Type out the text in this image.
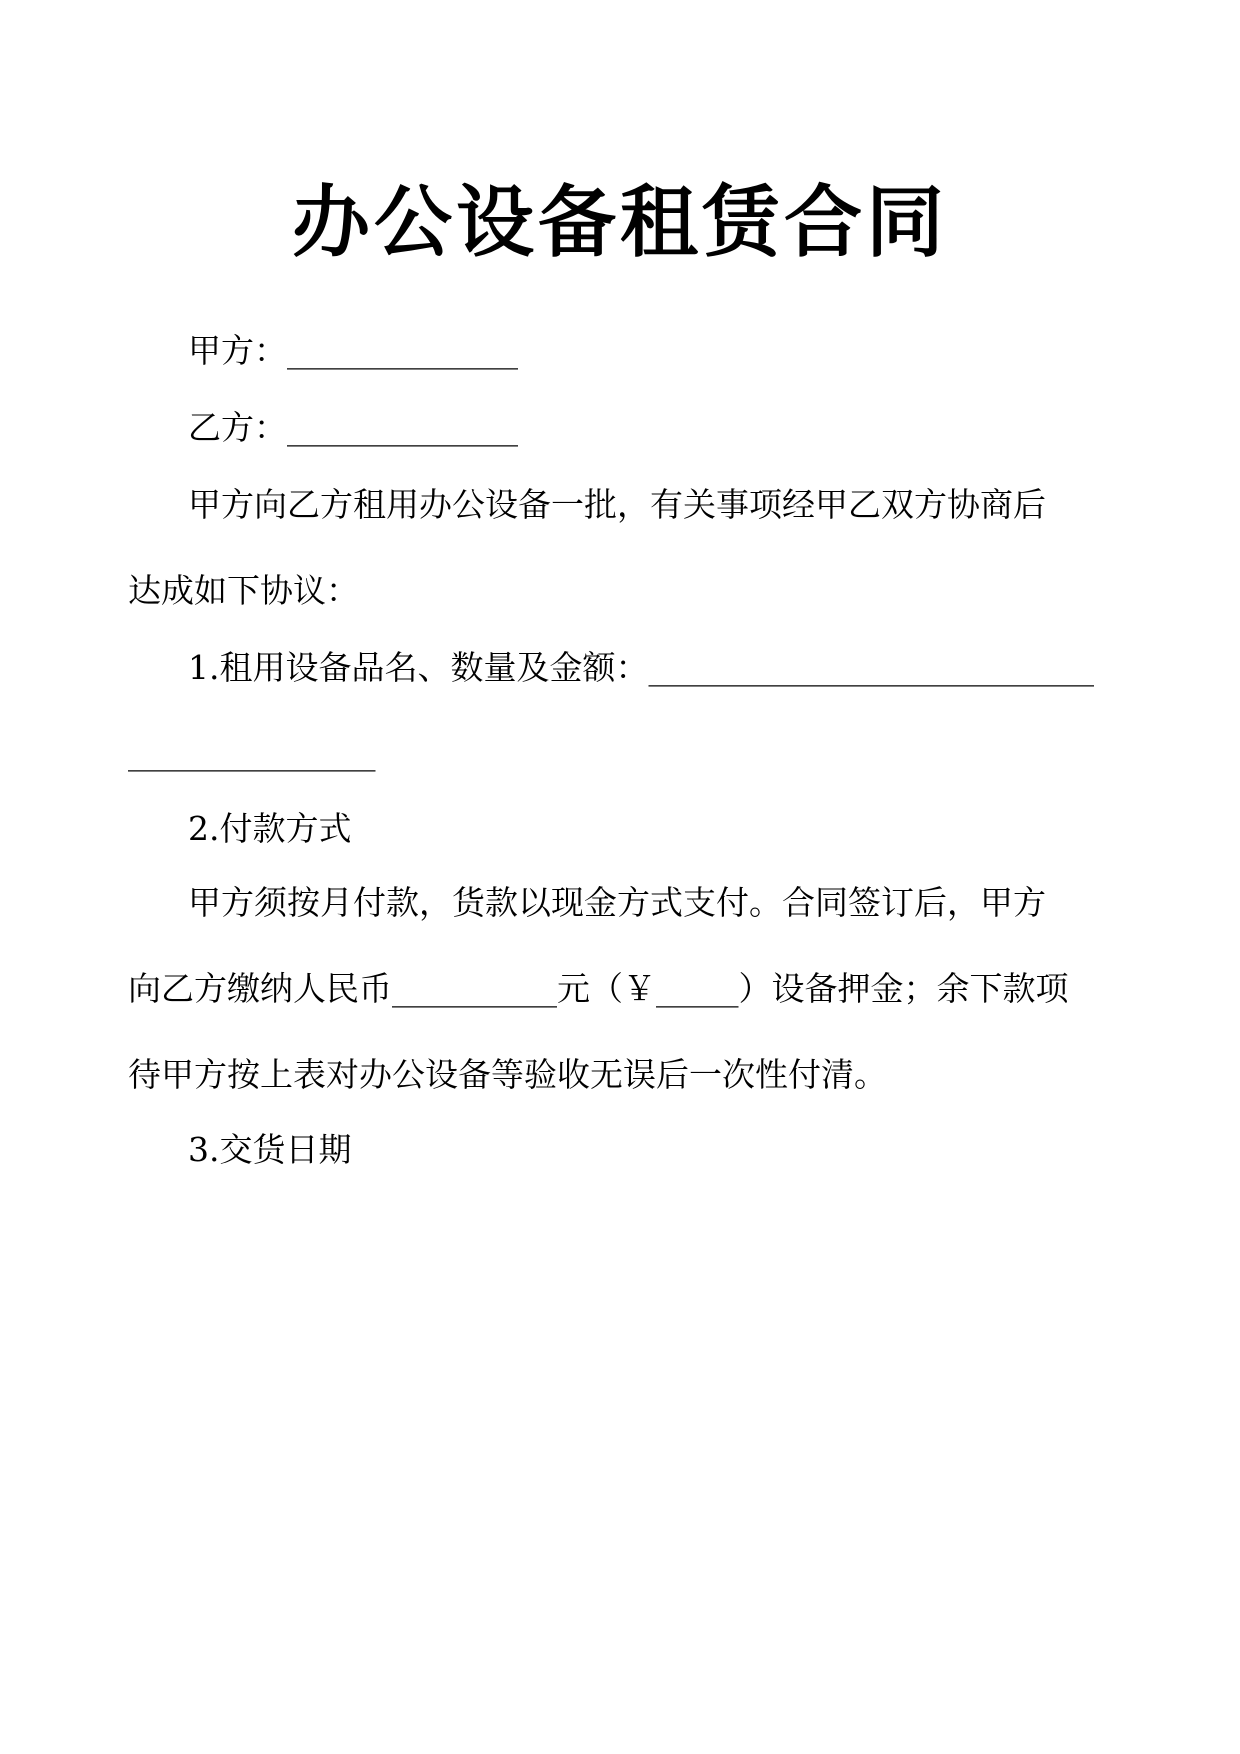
办公设备租赁合同

甲方：______________

乙方：______________

甲方向乙方租用办公设备一批，有关事项经甲乙双方协商后

达成如下协议：

1.租用设备品名、数量及金额：___________________________

_______________

2.付款方式

甲方须按月付款，货款以现金方式支付。合同签订后，甲方

向乙方缴纳人民币__________元（￥_____）设备押金；余下款项

待甲方按上表对办公设备等验收无误后一次性付清。

3.交货日期
